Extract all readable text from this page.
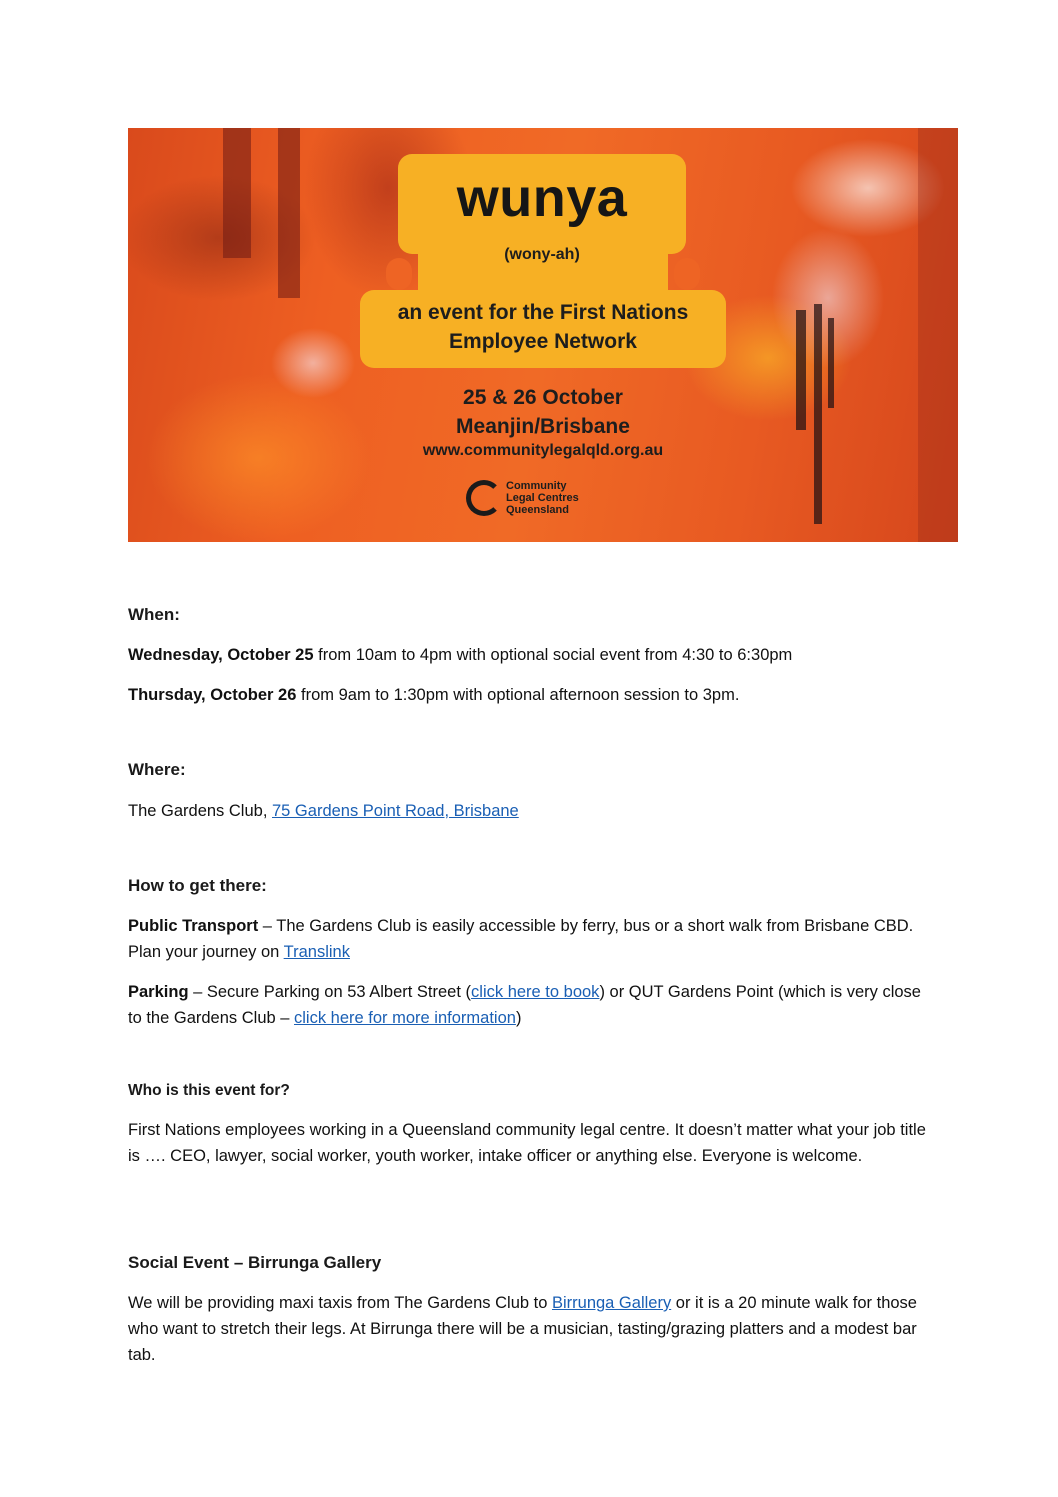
wunya
(wony-ah)
an event for the First Nations
Employee Network
25 & 26 October
Meanjin/Brisbane
www.communitylegalqld.org.au
Community
Legal Centres
Queensland
When:

Wednesday, October 25 from 10am to 4pm with optional social event from 4:30 to 6:30pm

Thursday, October 26 from 9am to 1:30pm with optional afternoon session to 3pm.

Where:

The Gardens Club, 75 Gardens Point Road, Brisbane

How to get there:

Public Transport – The Gardens Club is easily accessible by ferry, bus or a short walk from Brisbane CBD. Plan your journey on Translink

Parking – Secure Parking on 53 Albert Street (click here to book) or QUT Gardens Point (which is very close to the Gardens Club – click here for more information)

Who is this event for?

First Nations employees working in a Queensland community legal centre. It doesn’t matter what your job title is …. CEO, lawyer, social worker, youth worker, intake officer or anything else. Everyone is welcome.

Social Event – Birrunga Gallery

We will be providing maxi taxis from The Gardens Club to Birrunga Gallery or it is a 20 minute walk for those who want to stretch their legs. At Birrunga there will be a musician, tasting/grazing platters and a modest bar tab.
